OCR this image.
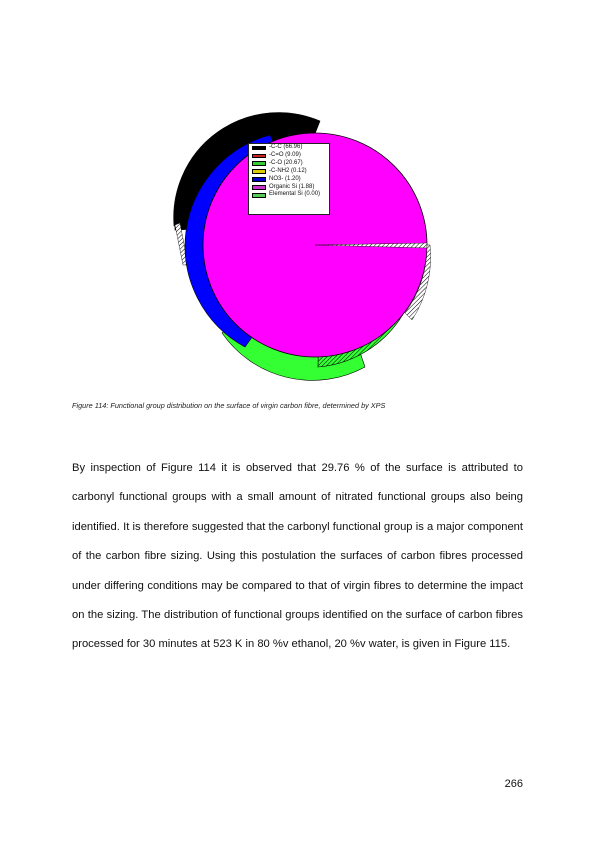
-C-C (66.96)
-C=O (9.09)
-C-O (20.67)
-C-NH2 (0.12)
NO3- (1.20)
Organic Si (1.88)
Elemental Si (0.00)
Figure 114: Functional group distribution on the surface of virgin carbon fibre, determined by XPS

By inspection of Figure 114 it is observed that 29.76 % of the surface is attributed to carbonyl functional groups with a small amount of nitrated functional groups also being identified. It is therefore suggested that the carbonyl functional group is a major component of the carbon fibre sizing. Using this postulation the surfaces of carbon fibres processed under differing conditions may be compared to that of virgin fibres to determine the impact on the sizing. The distribution of functional groups identified on the surface of carbon fibres processed for 30 minutes at 523 K in 80 %v ethanol, 20 %v water, is given in Figure 115.

266
